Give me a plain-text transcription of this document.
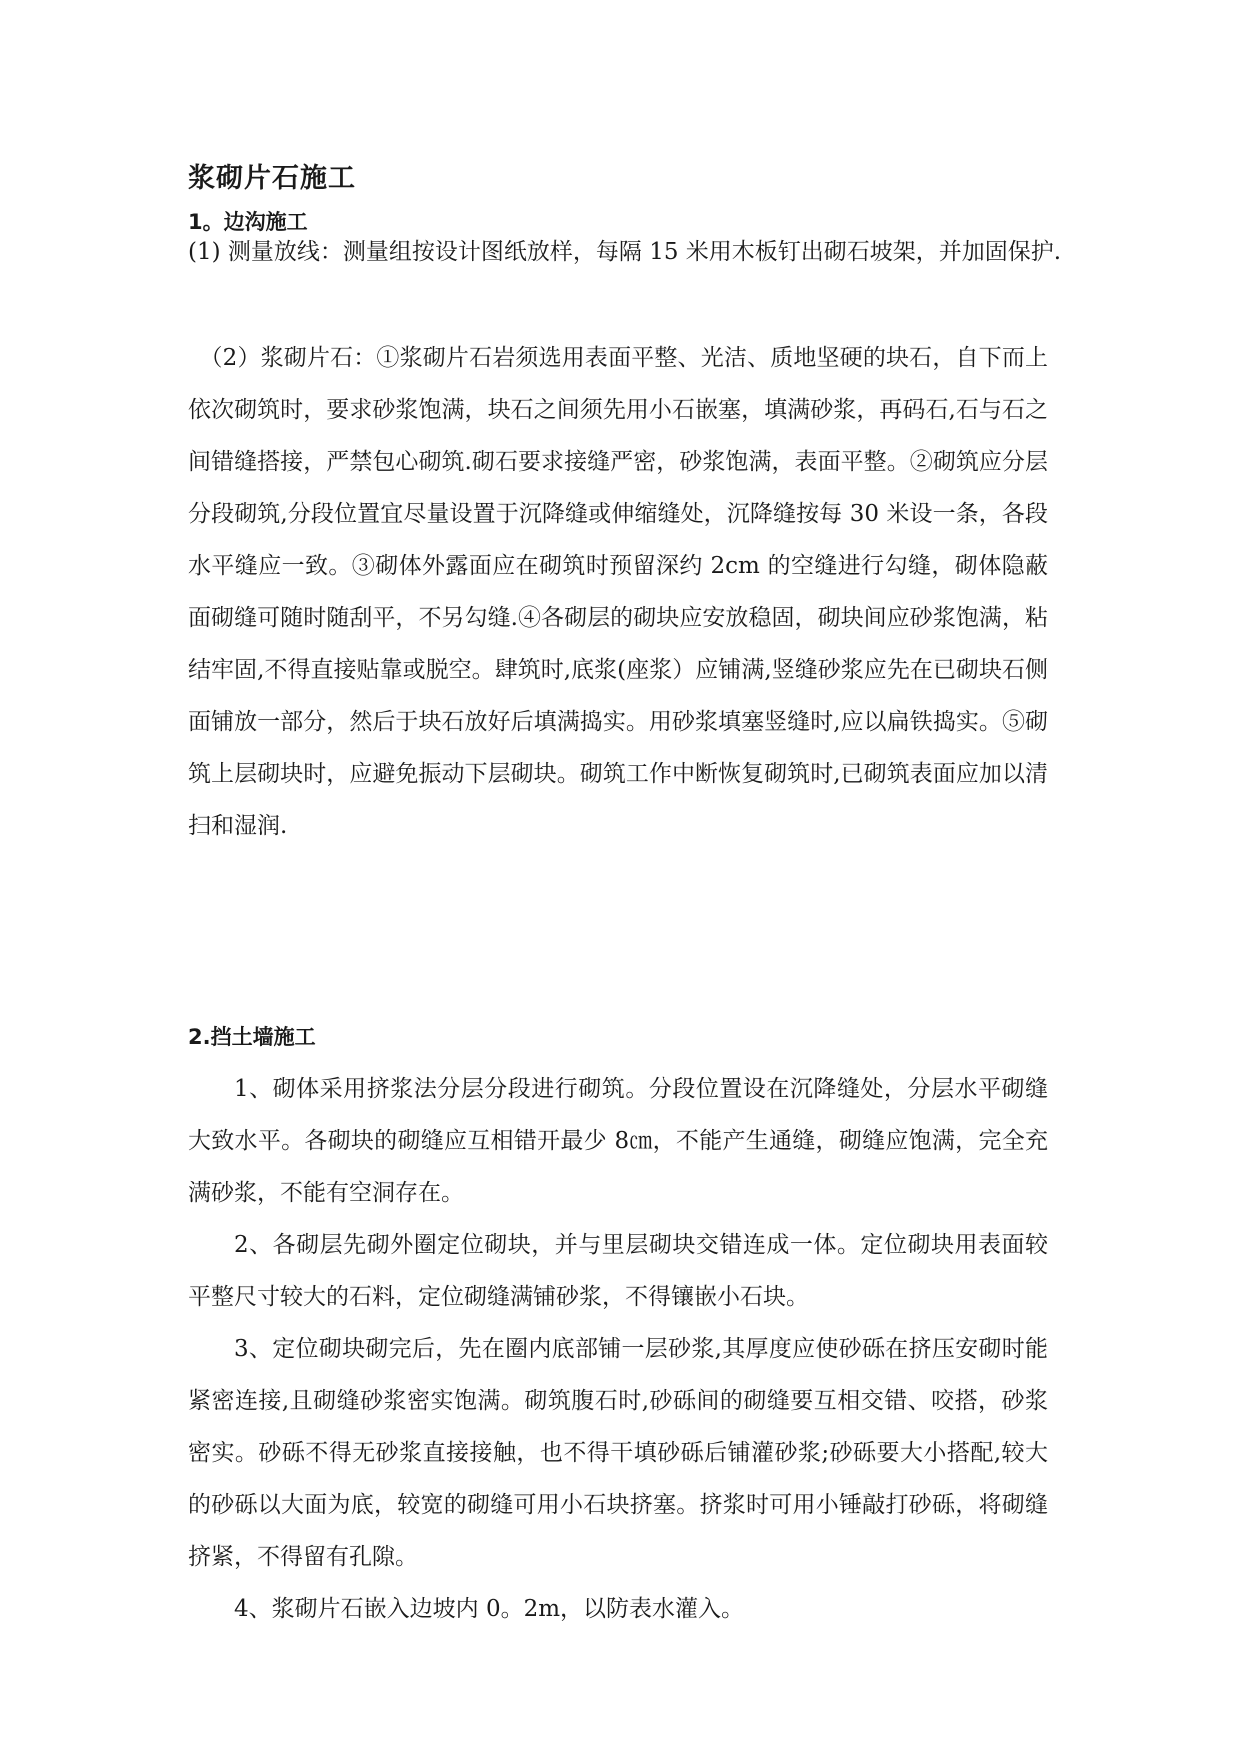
浆砌片石施工
1。边沟施工
(1) 测量放线：测量组按设计图纸放样，每隔 15 米用木板钉出砌石坡架，并加固保护.
（2）浆砌片石：①浆砌片石岩须选用表面平整、光洁、质地坚硬的块石，自下而上依次砌筑时，要求砂浆饱满，块石之间须先用小石嵌塞，填满砂浆，再码石,石与石之间错缝搭接，严禁包心砌筑.砌石要求接缝严密，砂浆饱满，表面平整。②砌筑应分层分段砌筑,分段位置宜尽量设置于沉降缝或伸缩缝处，沉降缝按每 30 米设一条，各段水平缝应一致。③砌体外露面应在砌筑时预留深约 2cm 的空缝进行勾缝，砌体隐蔽面砌缝可随时随刮平，不另勾缝.④各砌层的砌块应安放稳固，砌块间应砂浆饱满，粘结牢固,不得直接贴靠或脱空。肆筑时,底浆(座浆）应铺满,竖缝砂浆应先在已砌块石侧面铺放一部分，然后于块石放好后填满捣实。用砂浆填塞竖缝时,应以扁铁捣实。⑤砌筑上层砌块时，应避免振动下层砌块。砌筑工作中断恢复砌筑时,已砌筑表面应加以清扫和湿润.
2.挡土墙施工

1、砌体采用挤浆法分层分段进行砌筑。分段位置设在沉降缝处，分层水平砌缝大致水平。各砌块的砌缝应互相错开最少 8㎝，不能产生通缝，砌缝应饱满，完全充满砂浆，不能有空洞存在。

2、各砌层先砌外圈定位砌块，并与里层砌块交错连成一体。定位砌块用表面较平整尺寸较大的石料，定位砌缝满铺砂浆，不得镶嵌小石块。

3、定位砌块砌完后，先在圈内底部铺一层砂浆,其厚度应使砂砾在挤压安砌时能紧密连接,且砌缝砂浆密实饱满。砌筑腹石时,砂砾间的砌缝要互相交错、咬搭，砂浆密实。砂砾不得无砂浆直接接触，也不得干填砂砾后铺灌砂浆;砂砾要大小搭配,较大的砂砾以大面为底，较宽的砌缝可用小石块挤塞。挤浆时可用小锤敲打砂砾，将砌缝挤紧，不得留有孔隙。

4、浆砌片石嵌入边坡内 0。2m，以防表水灌入。
